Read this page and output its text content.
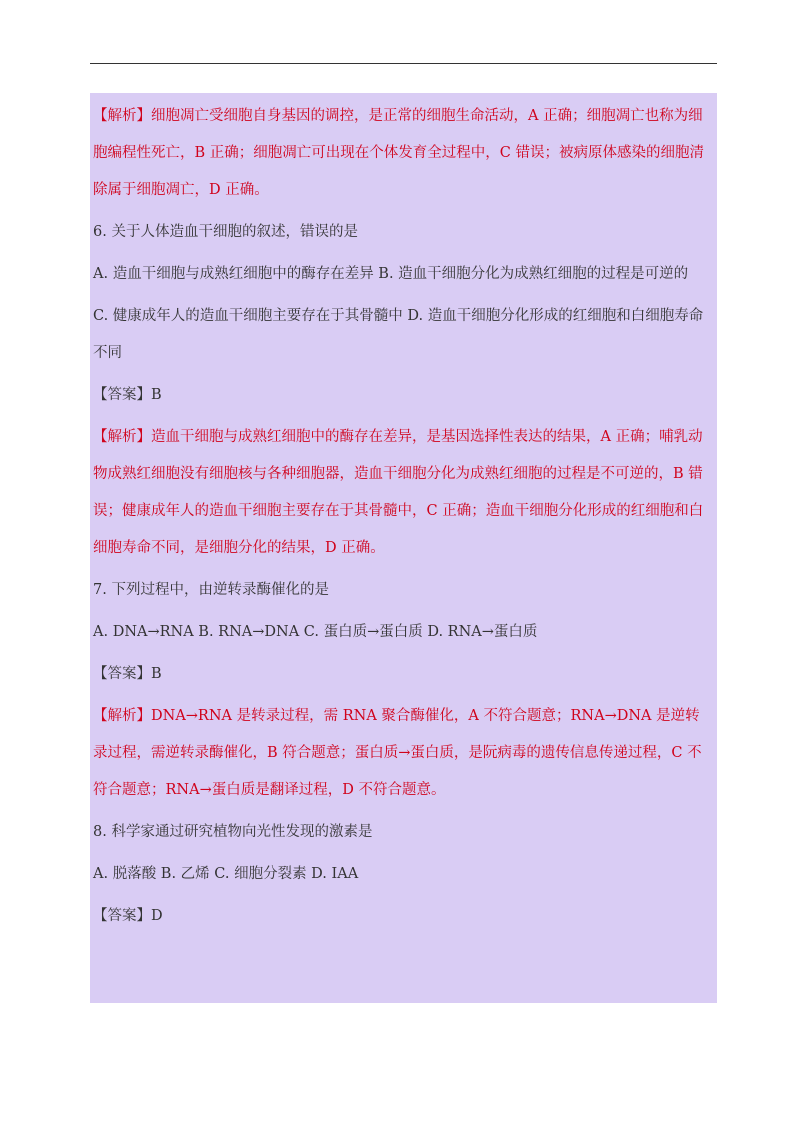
【解析】细胞凋亡受细胞自身基因的调控，是正常的细胞生命活动，A 正确；细胞凋亡也称为细胞编程性死亡，B 正确；细胞凋亡可出现在个体发育全过程中，C 错误；被病原体感染的细胞清除属于细胞凋亡，D 正确。

6. 关于人体造血干细胞的叙述，错误的是

A. 造血干细胞与成熟红细胞中的酶存在差异 B. 造血干细胞分化为成熟红细胞的过程是可逆的

C. 健康成年人的造血干细胞主要存在于其骨髓中 D. 造血干细胞分化形成的红细胞和白细胞寿命不同

【答案】B

【解析】造血干细胞与成熟红细胞中的酶存在差异，是基因选择性表达的结果，A 正确；哺乳动物成熟红细胞没有细胞核与各种细胞器，造血干细胞分化为成熟红细胞的过程是不可逆的，B 错误；健康成年人的造血干细胞主要存在于其骨髓中，C 正确；造血干细胞分化形成的红细胞和白细胞寿命不同，是细胞分化的结果，D 正确。

7. 下列过程中，由逆转录酶催化的是

A. DNA→RNA B. RNA→DNA C. 蛋白质→蛋白质 D. RNA→蛋白质

【答案】B

【解析】DNA→RNA 是转录过程，需 RNA 聚合酶催化，A 不符合题意；RNA→DNA 是逆转录过程，需逆转录酶催化，B 符合题意；蛋白质→蛋白质，是阮病毒的遗传信息传递过程，C 不符合题意；RNA→蛋白质是翻译过程，D 不符合题意。

8. 科学家通过研究植物向光性发现的激素是

A. 脱落酸 B. 乙烯 C. 细胞分裂素 D. IAA

【答案】D
